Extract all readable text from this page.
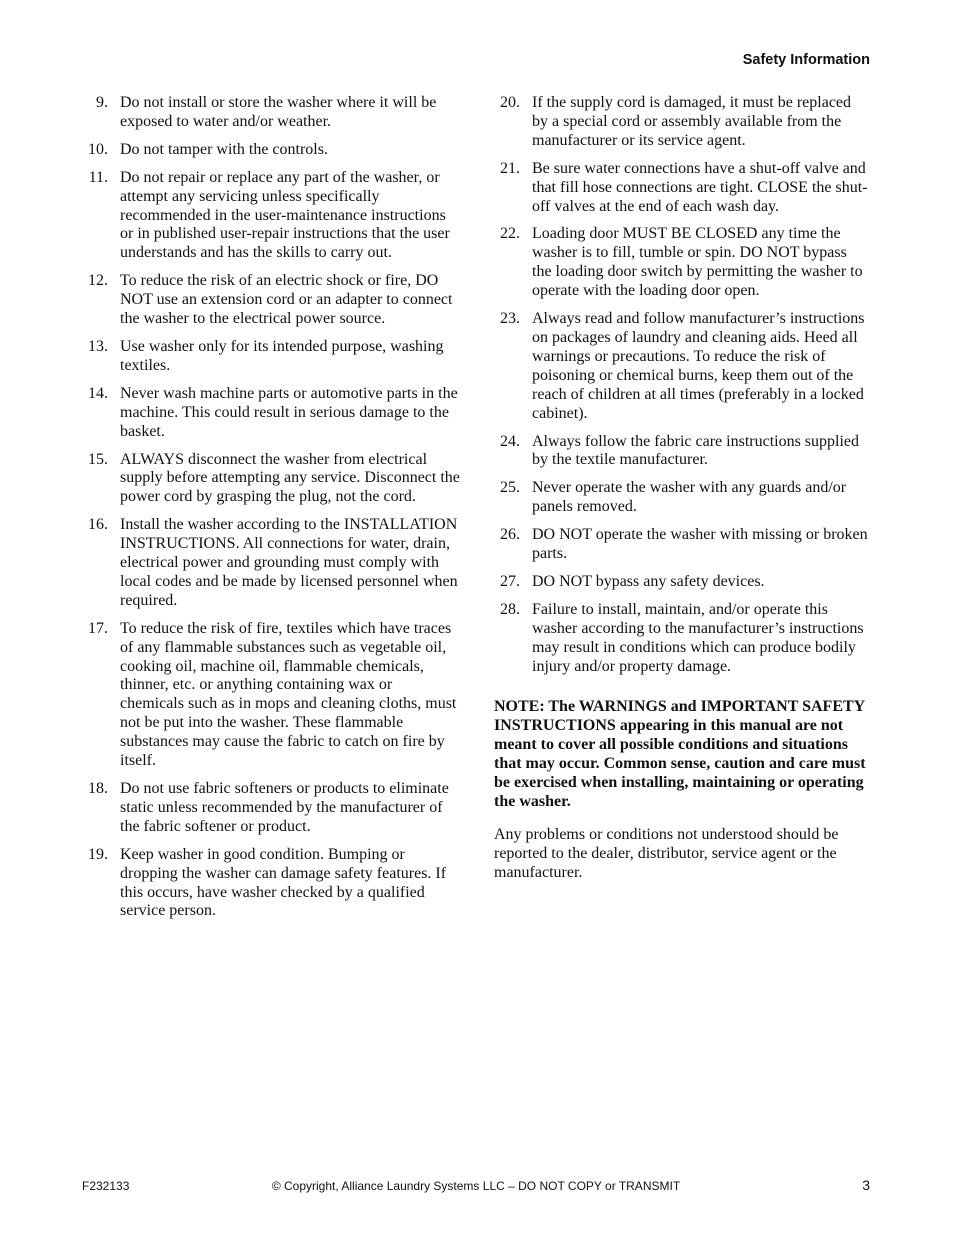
Safety Information
9. Do not install or store the washer where it will be exposed to water and/or weather.
10. Do not tamper with the controls.
11. Do not repair or replace any part of the washer, or attempt any servicing unless specifically recommended in the user-maintenance instructions or in published user-repair instructions that the user understands and has the skills to carry out.
12. To reduce the risk of an electric shock or fire, DO NOT use an extension cord or an adapter to connect the washer to the electrical power source.
13. Use washer only for its intended purpose, washing textiles.
14. Never wash machine parts or automotive parts in the machine. This could result in serious damage to the basket.
15. ALWAYS disconnect the washer from electrical supply before attempting any service. Disconnect the power cord by grasping the plug, not the cord.
16. Install the washer according to the INSTALLATION INSTRUCTIONS. All connections for water, drain, electrical power and grounding must comply with local codes and be made by licensed personnel when required.
17. To reduce the risk of fire, textiles which have traces of any flammable substances such as vegetable oil, cooking oil, machine oil, flammable chemicals, thinner, etc. or anything containing wax or chemicals such as in mops and cleaning cloths, must not be put into the washer. These flammable substances may cause the fabric to catch on fire by itself.
18. Do not use fabric softeners or products to eliminate static unless recommended by the manufacturer of the fabric softener or product.
19. Keep washer in good condition. Bumping or dropping the washer can damage safety features. If this occurs, have washer checked by a qualified service person.
20. If the supply cord is damaged, it must be replaced by a special cord or assembly available from the manufacturer or its service agent.
21. Be sure water connections have a shut-off valve and that fill hose connections are tight. CLOSE the shut-off valves at the end of each wash day.
22. Loading door MUST BE CLOSED any time the washer is to fill, tumble or spin. DO NOT bypass the loading door switch by permitting the washer to operate with the loading door open.
23. Always read and follow manufacturer’s instructions on packages of laundry and cleaning aids. Heed all warnings or precautions. To reduce the risk of poisoning or chemical burns, keep them out of the reach of children at all times (preferably in a locked cabinet).
24. Always follow the fabric care instructions supplied by the textile manufacturer.
25. Never operate the washer with any guards and/or panels removed.
26. DO NOT operate the washer with missing or broken parts.
27. DO NOT bypass any safety devices.
28. Failure to install, maintain, and/or operate this washer according to the manufacturer’s instructions may result in conditions which can produce bodily injury and/or property damage.
NOTE: The WARNINGS and IMPORTANT SAFETY INSTRUCTIONS appearing in this manual are not meant to cover all possible conditions and situations that may occur. Common sense, caution and care must be exercised when installing, maintaining or operating the washer.
Any problems or conditions not understood should be reported to the dealer, distributor, service agent or the manufacturer.
F232133	© Copyright, Alliance Laundry Systems LLC – DO NOT COPY or TRANSMIT	3
